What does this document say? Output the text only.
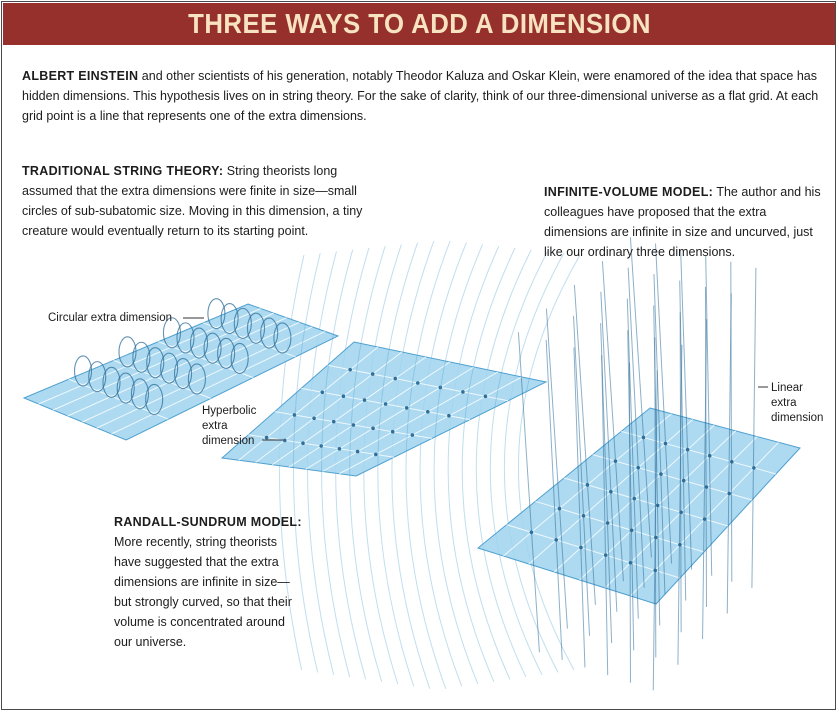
THREE WAYS TO ADD A DIMENSION
ALBERT EINSTEIN and other scientists of his generation, notably Theodor Kaluza and Oskar Klein, were enamored of the idea that space has hidden dimensions. This hypothesis lives on in string theory. For the sake of clarity, think of our three-dimensional universe as a flat grid. At each grid point is a line that represents one of the extra dimensions.
TRADITIONAL STRING THEORY: String theorists long assumed that the extra dimensions were finite in size—small circles of sub-subatomic size. Moving in this dimension, a tiny creature would eventually return to its starting point.
INFINITE-VOLUME MODEL: The author and his colleagues have proposed that the extra dimensions are infinite in size and uncurved, just like our ordinary three dimensions.
RANDALL-SUNDRUM MODEL: More recently, string theorists have suggested that the extra dimensions are infinite in size—but strongly curved, so that their volume is concentrated around our universe.
Circular extra dimension
Hyperbolic
extra
dimension
Linear
extra
dimension
